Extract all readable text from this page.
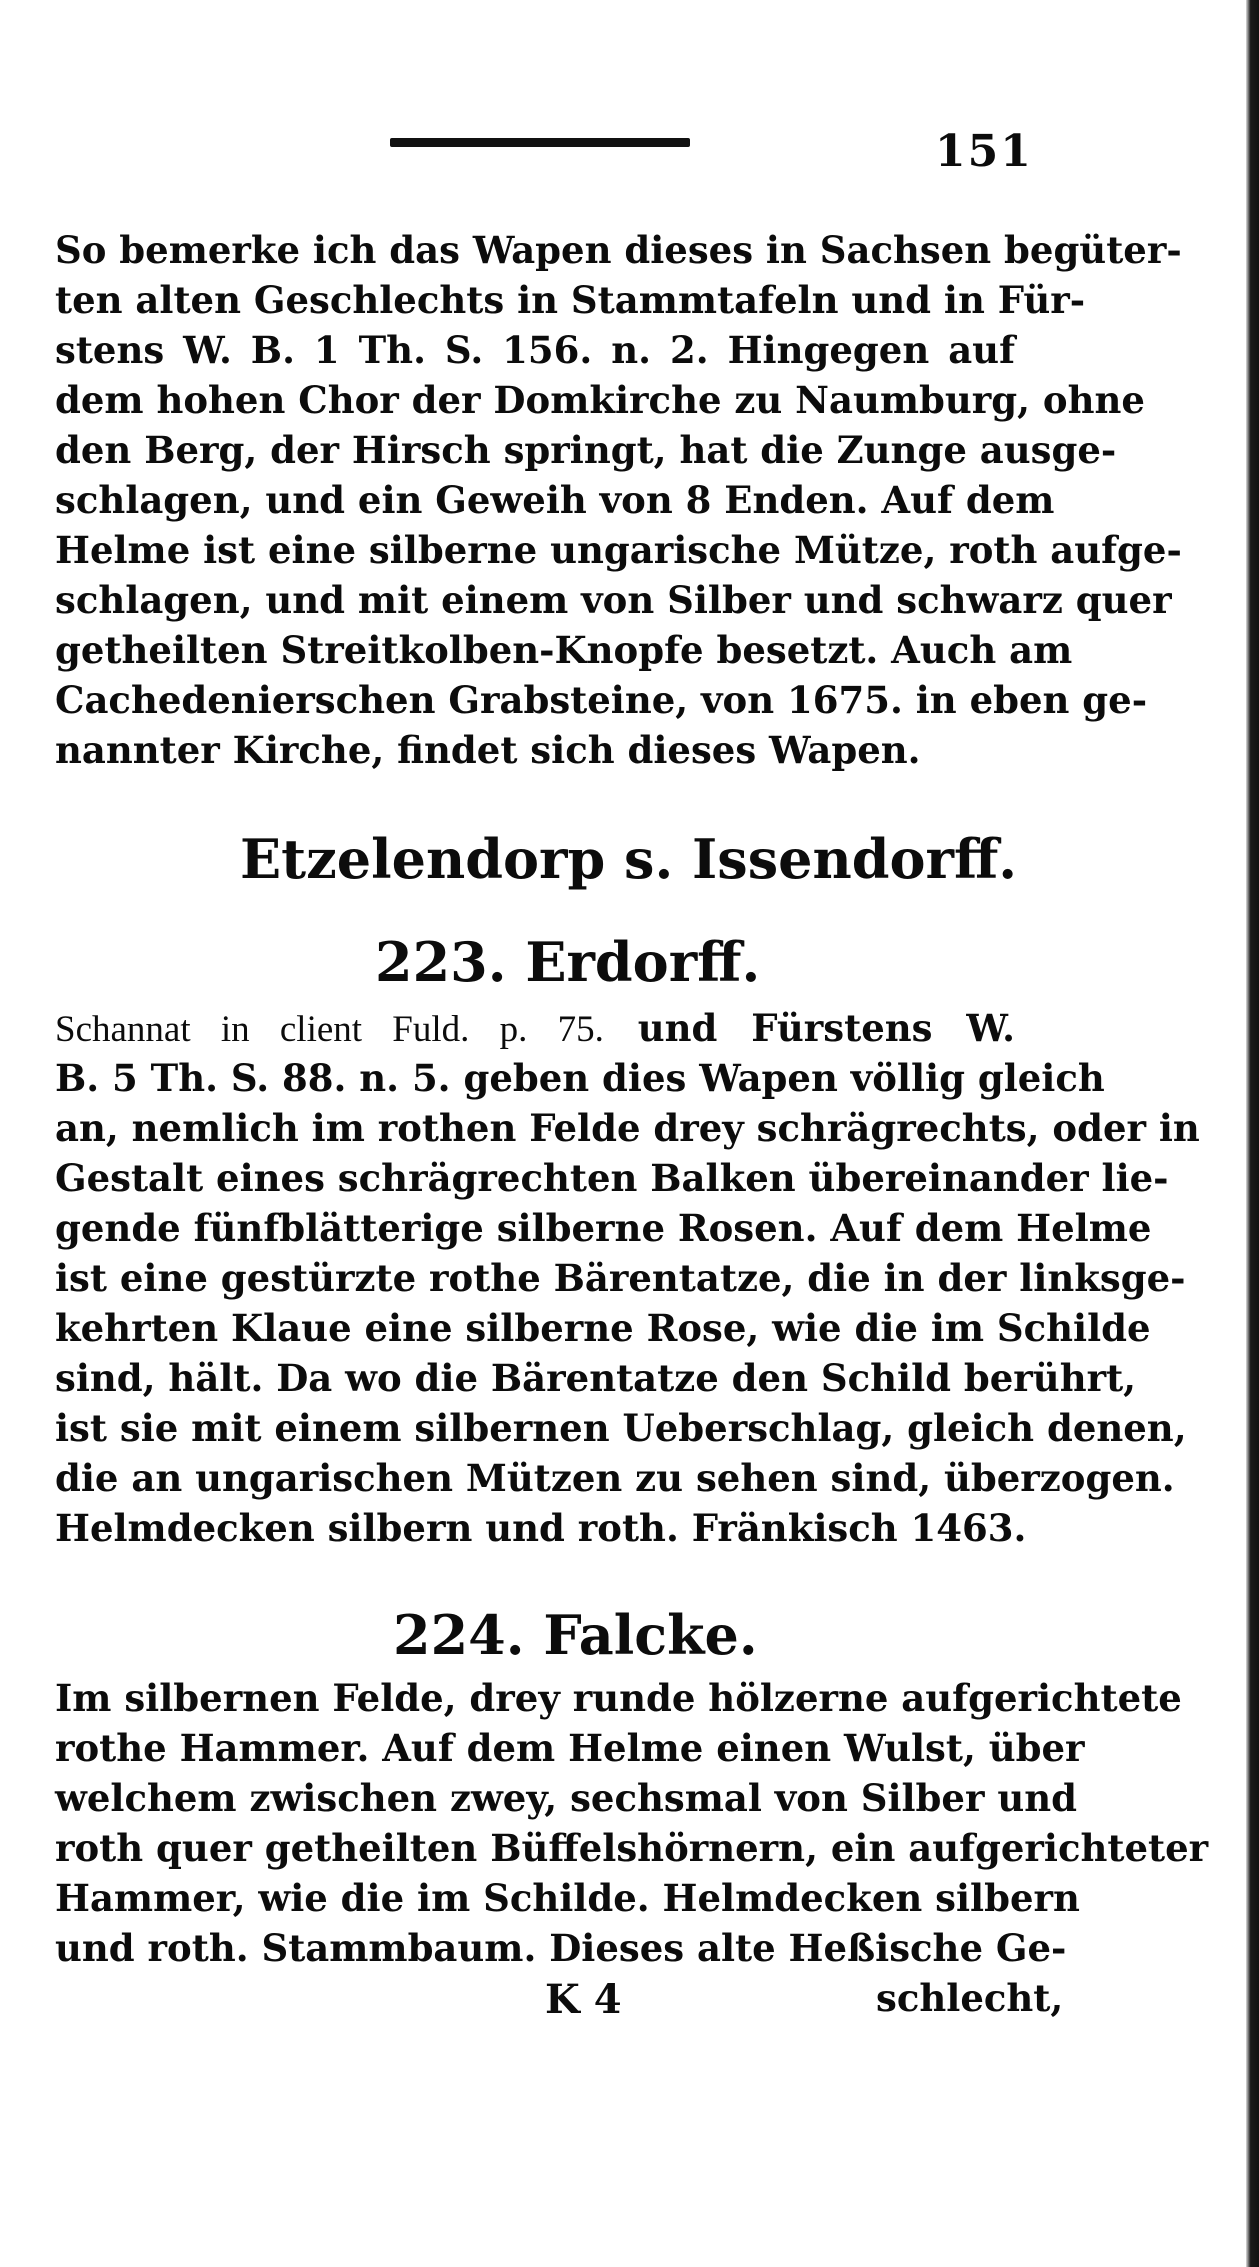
151

So bemerke ich das Wapen dieses in Sachsen begüter-

ten alten Geschlechts in Stammtafeln und in Für-

stens W. B. 1 Th. S. 156. n. 2. Hingegen auf

dem hohen Chor der Domkirche zu Naumburg, ohne

den Berg, der Hirsch springt, hat die Zunge ausge-

schlagen, und ein Geweih von 8 Enden. Auf dem

Helme ist eine silberne ungarische Mütze, roth aufge-

schlagen, und mit einem von Silber und schwarz quer

getheilten Streitkolben-Knopfe besetzt. Auch am

Cachedenierschen Grabsteine, von 1675. in eben ge-

nannter Kirche, findet sich dieses Wapen.

Etzelendorp s. Issendorff.
223. Erdorff.

Schannat in client Fuld. p. 75. und Fürstens W.

B. 5 Th. S. 88. n. 5. geben dies Wapen völlig gleich

an, nemlich im rothen Felde drey schrägrechts, oder in

Gestalt eines schrägrechten Balken übereinander lie-

gende fünfblätterige silberne Rosen. Auf dem Helme

ist eine gestürzte rothe Bärentatze, die in der linksge-

kehrten Klaue eine silberne Rose, wie die im Schilde

sind, hält. Da wo die Bärentatze den Schild berührt,

ist sie mit einem silbernen Ueberschlag, gleich denen,

die an ungarischen Mützen zu sehen sind, überzogen.

Helmdecken silbern und roth. Fränkisch 1463.

224. Falcke.

Im silbernen Felde, drey runde hölzerne aufgerichtete

rothe Hammer. Auf dem Helme einen Wulst, über

welchem zwischen zwey, sechsmal von Silber und

roth quer getheilten Büffelshörnern, ein aufgerichteter

Hammer, wie die im Schilde. Helmdecken silbern

und roth. Stammbaum. Dieses alte Heßische Ge-

K 4	schlecht,
